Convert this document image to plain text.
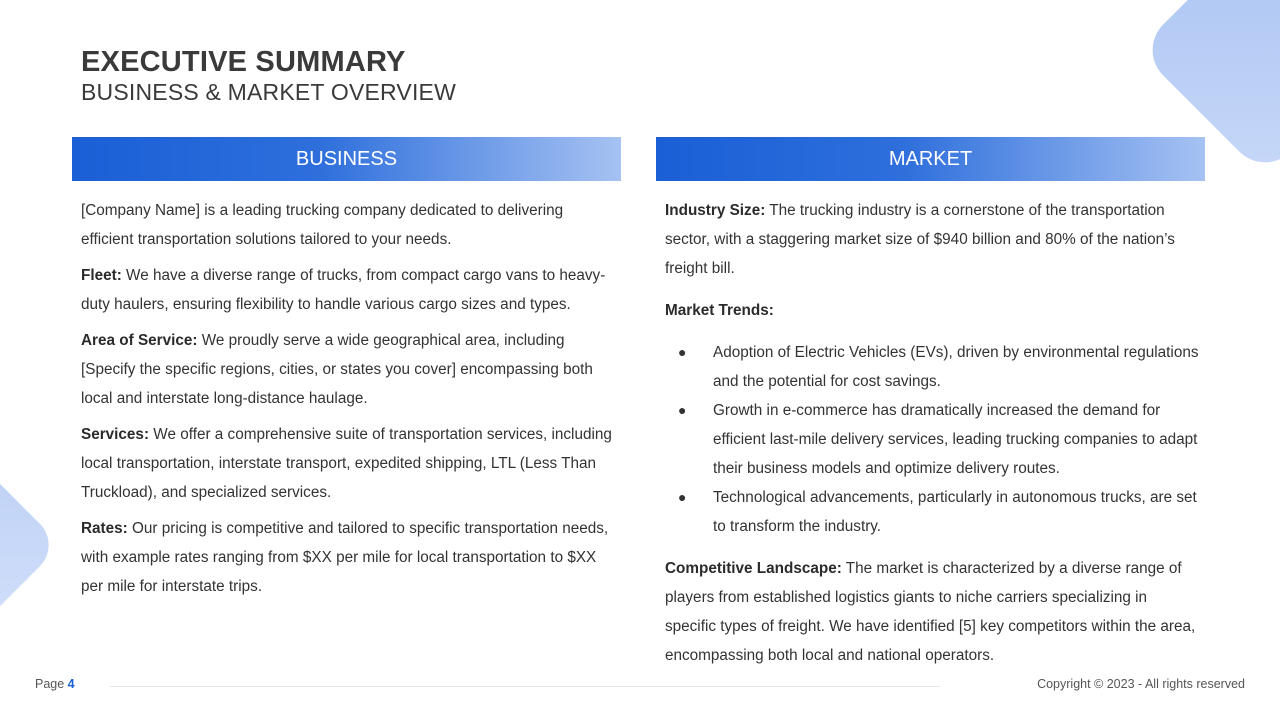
EXECUTIVE SUMMARY
BUSINESS & MARKET OVERVIEW
BUSINESS	MARKET

[Company Name] is a leading trucking company dedicated to delivering efficient transportation solutions tailored to your needs.

Fleet: We have a diverse range of trucks, from compact cargo vans to heavy-duty haulers, ensuring flexibility to handle various cargo sizes and types.

Area of Service: We proudly serve a wide geographical area, including [Specify the specific regions, cities, or states you cover] encompassing both local and interstate long-distance haulage.

Services: We offer a comprehensive suite of transportation services, including local transportation, interstate transport, expedited shipping, LTL (Less Than Truckload), and specialized services.

Rates: Our pricing is competitive and tailored to specific transportation needs, with example rates ranging from $XX per mile for local transportation to $XX per mile for interstate trips.

Industry Size: The trucking industry is a cornerstone of the transportation sector, with a staggering market size of $940 billion and 80% of the nation’s freight bill.

Market Trends:

● Adoption of Electric Vehicles (EVs), driven by environmental regulations and the potential for cost savings.
● Growth in e-commerce has dramatically increased the demand for efficient last-mile delivery services, leading trucking companies to adapt their business models and optimize delivery routes.
● Technological advancements, particularly in autonomous trucks, are set to transform the industry.

Competitive Landscape: The market is characterized by a diverse range of players from established logistics giants to niche carriers specializing in specific types of freight. We have identified [5] key competitors within the area, encompassing both local and national operators.

Page 4	Copyright © 2023 - All rights reserved
